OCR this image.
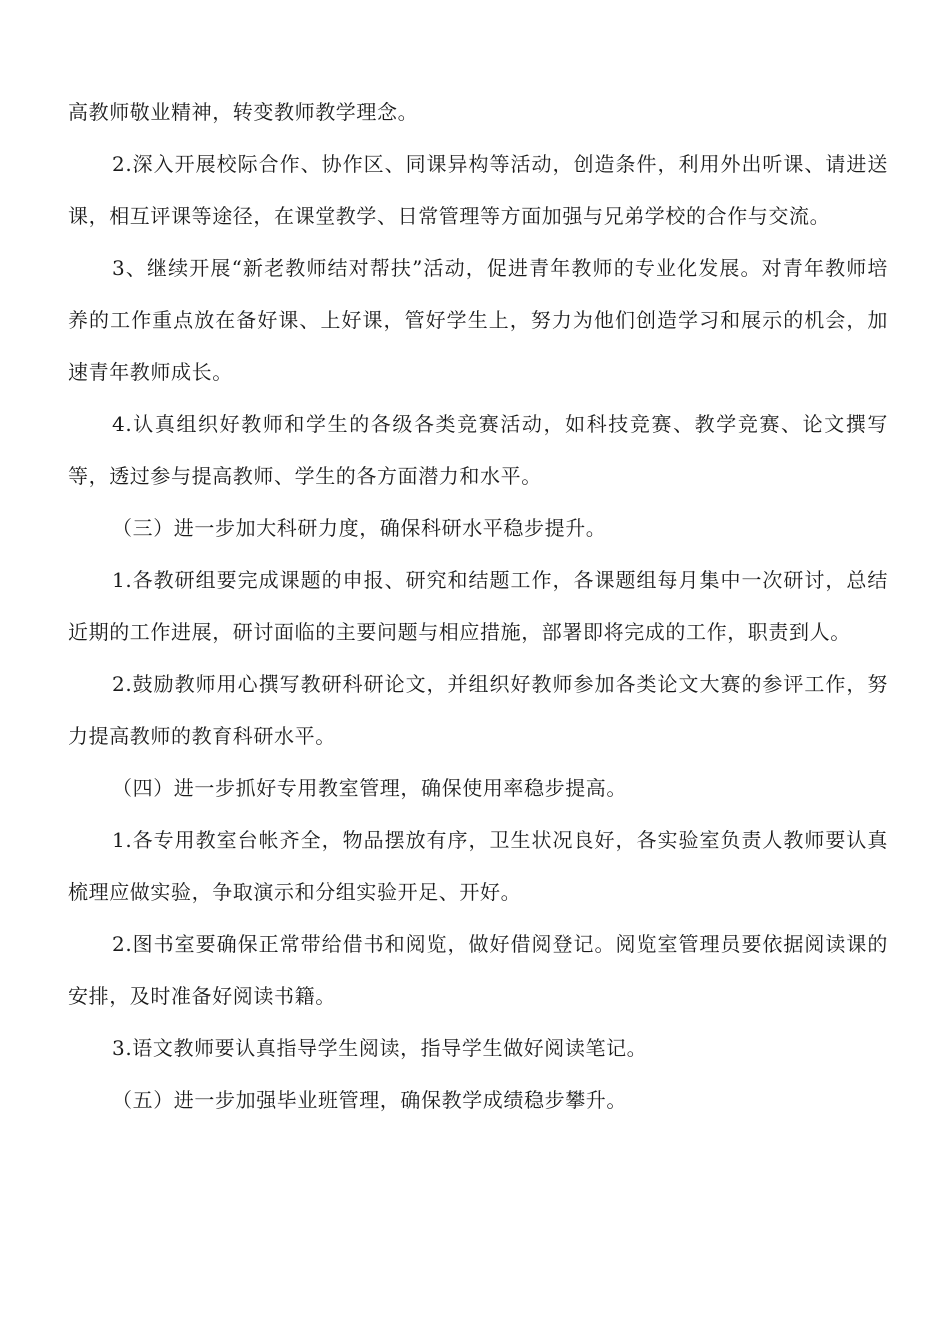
高教师敬业精神，转变教师教学理念。

2.深入开展校际合作、协作区、同课异构等活动，创造条件，利用外出听课、请进送课，相互评课等途径，在课堂教学、日常管理等方面加强与兄弟学校的合作与交流。

3、继续开展“新老教师结对帮扶”活动，促进青年教师的专业化发展。对青年教师培养的工作重点放在备好课、上好课，管好学生上，努力为他们创造学习和展示的机会，加速青年教师成长。

4.认真组织好教师和学生的各级各类竞赛活动，如科技竞赛、教学竞赛、论文撰写等，透过参与提高教师、学生的各方面潜力和水平。

（三）进一步加大科研力度，确保科研水平稳步提升。

1.各教研组要完成课题的申报、研究和结题工作，各课题组每月集中一次研讨，总结近期的工作进展，研讨面临的主要问题与相应措施，部署即将完成的工作，职责到人。

2.鼓励教师用心撰写教研科研论文，并组织好教师参加各类论文大赛的参评工作，努力提高教师的教育科研水平。

（四）进一步抓好专用教室管理，确保使用率稳步提高。

1.各专用教室台帐齐全，物品摆放有序，卫生状况良好，各实验室负责人教师要认真梳理应做实验，争取演示和分组实验开足、开好。

2.图书室要确保正常带给借书和阅览，做好借阅登记。阅览室管理员要依据阅读课的安排，及时准备好阅读书籍。

3.语文教师要认真指导学生阅读，指导学生做好阅读笔记。

（五）进一步加强毕业班管理，确保教学成绩稳步攀升。
